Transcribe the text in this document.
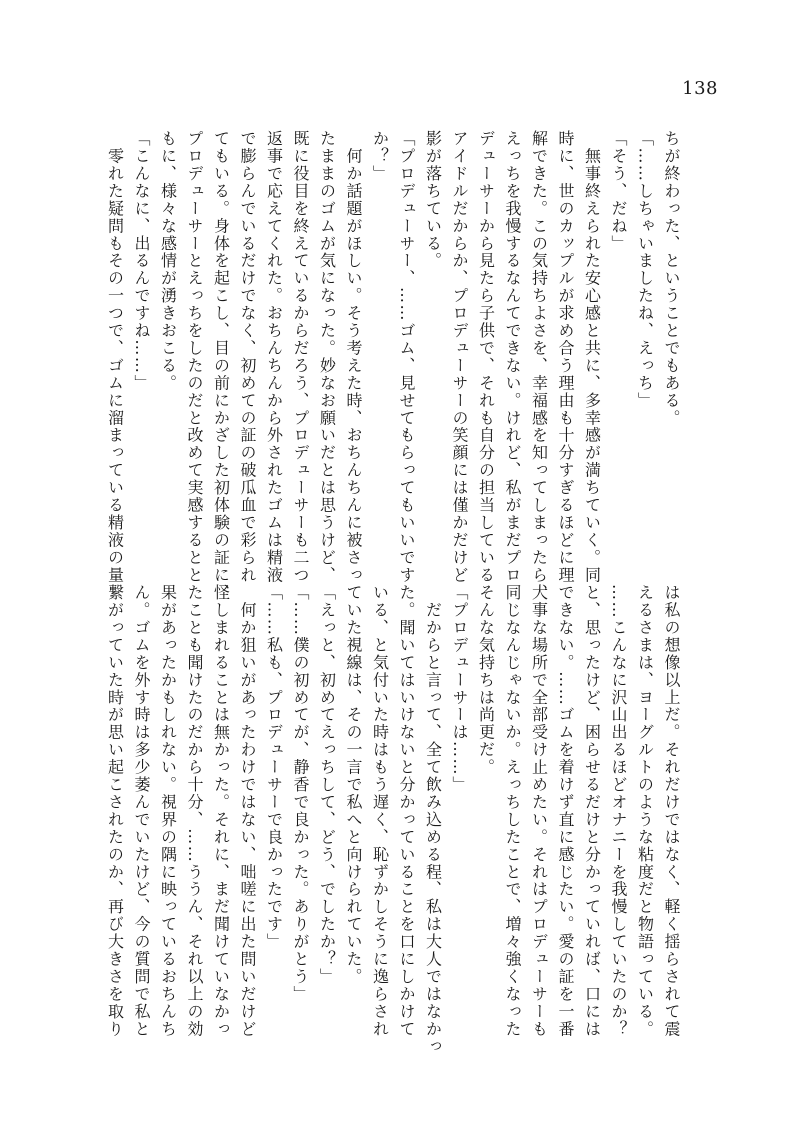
138
ちが終わった、ということでもある。
「……しちゃいましたね、えっち」
「そう、だね」
　無事終えられた安心感と共に、多幸感が満ちていく。同
時に、世のカップルが求め合う理由も十分すぎるほどに理
解できた。この気持ちよさを、幸福感を知ってしまったら、
えっちを我慢するなんてできない。けれど、私がまだプロ
デューサーから見たら子供で、それも自分の担当している
アイドルだからか、プロデューサーの笑顔には僅かだけど
影が落ちている。
「プロデューサー、……ゴム、見せてもらってもいいです
か？」
　何か話題がほしい。そう考えた時、おちんちんに被さっ
たままのゴムが気になった。妙なお願いだとは思うけど、
既に役目を終えているからだろう、プロデューサーも二つ
返事で応えてくれた。おちんちんから外されたゴムは精液
で膨らんでいるだけでなく、初めての証の破瓜血で彩られ
てもいる。身体を起こし、目の前にかざした初体験の証に、
プロデューサーとえっちをしたのだと改めて実感するとと
もに、様々な感情が湧きおこる。
「こんなに、出るんですね……」
　零れた疑問もその一つで、ゴムに溜まっている精液の量
は私の想像以上だ。それだけではなく、軽く揺らされて震
えるさまは、ヨーグルトのような粘度だと物語っている。
……こんなに沢山出るほどオナニーを我慢していたのか？
と、思ったけど、困らせるだけと分かっていれば、口には
できない。……ゴムを着けず直に感じたい。愛の証を一番
大事な場所で全部受け止めたい。それはプロデューサーも
同じなんじゃないか。えっちしたことで、増々強くなった
そんな気持ちは尚更だ。
「プロデューサーは……」
　だからと言って、全て飲み込める程、私は大人ではなかっ
た。聞いてはいけないと分かっていることを口にしかけて
いる、と気付いた時はもう遅く、恥ずかしそうに逸らされ
ていた視線は、その一言で私へと向けられていた。
「えっと、初めてえっちして、どう、でしたか？」
「……僕の初めてが、静香で良かった。ありがとう」
「……私も、プロデューサーで良かったです」
　何か狙いがあったわけではない、咄嗟に出た問いだけど
怪しまれることは無かった。それに、まだ聞けていなかっ
たことも聞けたのだから十分、……ううん、それ以上の効
果があったかもしれない。視界の隅に映っているおちんち
ん。ゴムを外す時は多少萎んでいたけど、今の質問で私と
繋がっていた時が思い起こされたのか、再び大きさを取り
